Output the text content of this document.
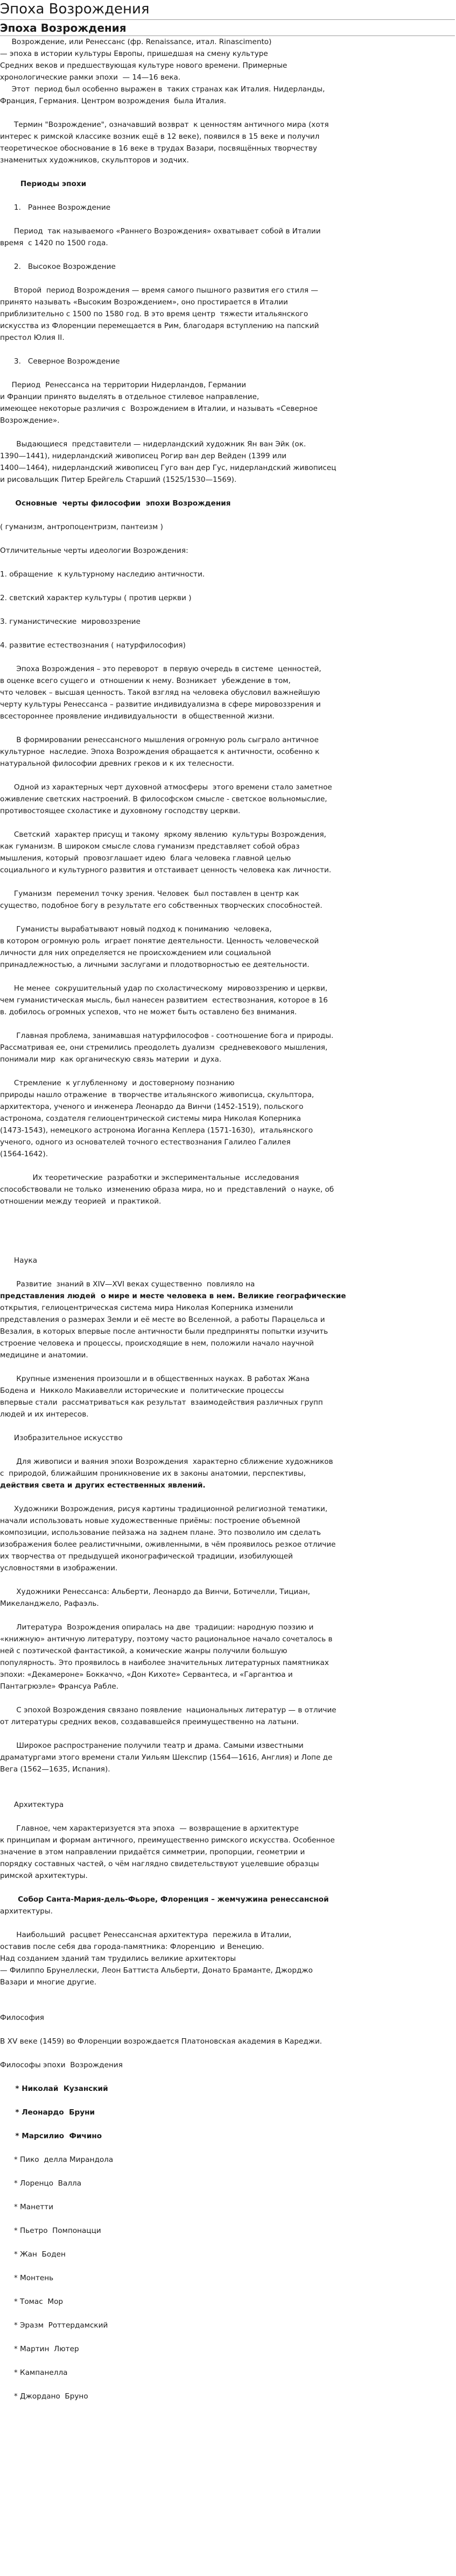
Эпоха Возрождения
Эпоха Возрождения
Возрождение, или Ренессанс (фр. Renaissance, итал. Rinascimento)
— эпоха в истории культуры Европы, пришедшая на смену культуре
Средних веков и предшествующая культуре нового времени. Примерные
хронологические рамки эпохи  — 14—16 века.
Этот  период был особенно выражен в  таких странах как Италия. Нидерланды,
Франция, Германия. Центром возрождения  была Италия.
Термин "Возрождение", означавший возврат  к ценностям античного мира (хотя
интерес к римской классике возник ещё в 12 веке), появился в 15 веке и получил
теоретическое обоснование в 16 веке в трудах Вазари, посвящённых творчеству
знаменитых художников, скульпторов и зодчих.
Периоды эпохи
1.   Раннее Возрождение
Период  так называемого «Раннего Возрождения» охватывает собой в Италии
время  с 1420 по 1500 года.
2.   Высокое Возрождение
Второй  период Возрождения — время самого пышного развития его стиля —
принято называть «Высоким Возрождением», оно простирается в Италии
приблизительно с 1500 по 1580 год. В это время центр  тяжести итальянского
искусства из Флоренции перемещается в Рим, благодаря вступлению на папский
престол Юлия II.
3.   Северное Возрождение
Период  Ренессанса на территории Нидерландов, Германии
и Франции принято выделять в отдельное стилевое направление,
имеющее некоторые различия с  Возрождением в Италии, и называть «Северное
Возрождение».
Выдающиеся  представители — нидерландский художник Ян ван Эйк (ок.
1390—1441), нидерландский живописец Рогир ван дер Вейден (1399 или
1400—1464), нидерландский живописец Гуго ван дер Гус, нидерландский живописец
и рисовальщик Питер Брейгель Старший (1525/1530—1569).
Основные  черты философии  эпохи Возрождения
( гуманизм, антропоцентризм, пантеизм )
Отличительные черты идеологии Возрождения:
1. обращение  к культурному наследию античности.
2. светский характер культуры ( против церкви )
3. гуманистические  мировоззрение
4. развитие естествознания ( натурфилософия)
Эпоха Возрождения – это переворот  в первую очередь в системе  ценностей,
в оценке всего сущего и  отношении к нему. Возникает  убеждение в том,
что человек – высшая ценность. Такой взгляд на человека обусловил важнейшую
черту культуры Ренессанса – развитие индивидуализма в сфере мировоззрения и
всестороннее проявление индивидуальности  в общественной жизни.
В формировании ренессансного мышления огромную роль сыграло античное
культурное  наследие. Эпоха Возрождения обращается к античности, особенно к
натуральной философии древних греков и к их телесности.
Одной из характерных черт духовной атмосферы  этого времени стало заметное
оживление светских настроений. В философском смысле - светское вольномыслие,
противостоящее схоластике и духовному господству церкви.
Светский  характер присущ и такому  яркому явлению  культуры Возрождения,
как гуманизм. В широком смысле слова гуманизм представляет собой образ
мышления, который  провозглашает идею  блага человека главной целью
социального и культурного развития и отстаивает ценность человека как личности.
Гуманизм  переменил точку зрения. Человек  был поставлен в центр как
существо, подобное богу в результате его собственных творческих способностей.
Гуманисты вырабатывают новый подход к пониманию  человека,
в котором огромную роль  играет понятие деятельности. Ценность человеческой
личности для них определяется не происхождением или социальной
принадлежностью, а личными заслугами и плодотворностью ее деятельности.
Не менее  сокрушительный удар по схоластическому  мировоззрению и церкви,
чем гуманистическая мысль, был нанесен развитием  естествознания, которое в 16
в. добилось огромных успехов, что не может быть оставлено без внимания.
Главная проблема, занимавшая натурфилософов - соотношение бога и природы.
Рассматривая ее, они стремились преодолеть дуализм  средневекового мышления,
понимали мир  как органическую связь материи  и духа.
Стремление  к углубленному  и достоверному познанию
природы нашло отражение  в творчестве итальянского живописца, скульптора,
архитектора, ученого и инженера Леонардо да Винчи (1452-1519), польского
астронома, создателя гелиоцентрической системы мира Николая Коперника
(1473-1543), немецкого астронома Иоганна Кеплера (1571-1630),  итальянского
ученого, одного из основателей точного естествознания Галилео Галилея
(1564-1642).
Их теоретические  разработки и экспериментальные  исследования
способствовали не только  изменению образа мира, но и  представлений  о науке, об
отношении между теорией  и практикой.
Наука
Развитие  знаний в XIV—XVI веках существенно  повлияло на
представления людей  о мире и месте человека в нем. Великие географические
открытия, гелиоцентрическая система мира Николая Коперника изменили
представления о размерах Земли и её месте во Вселенной, а работы Парацельса и
Везалия, в которых впервые после античности были предприняты попытки изучить
строение человека и процессы, происходящие в нем, положили начало научной
медицине и анатомии.
Крупные изменения произошли и в общественных науках. В работах Жана
Бодена и  Никколо Макиавелли исторические и  политические процессы
впервые стали  рассматриваться как результат  взаимодействия различных групп
людей и их интересов.
Изобразительное искусство
Для живописи и ваяния эпохи Возрождения  характерно сближение художников
с  природой, ближайшим проникновение их в законы анатомии, перспективы,
действия света и других естественных явлений.
Художники Возрождения, рисуя картины традиционной религиозной тематики,
начали использовать новые художественные приёмы: построение объемной
композиции, использование пейзажа на заднем плане. Это позволило им сделать
изображения более реалистичными, оживленными, в чём проявилось резкое отличие
их творчества от предыдущей иконографической традиции, изобилующей
условностями в изображении.
Художники Ренессанса: Альберти, Леонардо да Винчи, Ботичелли, Тициан,
Микеланджело, Рафаэль.
Литература  Возрождения опиралась на две  традиции: народную поэзию и
«книжную» античную литературу, поэтому часто рациональное начало сочеталось в
ней с поэтической фантастикой, а комические жанры получили большую
популярность. Это проявилось в наиболее значительных литературных памятниках
эпохи: «Декамероне» Боккаччо, «Дон Кихоте» Сервантеса, и «Гаргантюа и
Пантагрюэле» Франсуа Рабле.
С эпохой Возрождения связано появление  национальных литератур — в отличие
от литературы средних веков, создававшейся преимущественно на латыни.
Широкое распространение получили театр и драма. Самыми известными
драматургами этого времени стали Уильям Шекспир (1564—1616, Англия) и Лопе де
Вега (1562—1635, Испания).
Архитектура
Главное, чем характеризуется эта эпоха  — возвращение в архитектуре
к принципам и формам античного, преимущественно римского искусства. Особенное
значение в этом направлении придаётся симметрии, пропорции, геометрии и
порядку составных частей, о чём наглядно свидетельствуют уцелевшие образцы
римской архитектуры.
Собор Санта-Мария-дель-Фьоре, Флоренция – жемчужина ренессансной
архитектуры.
Наибольший  расцвет Ренессансная архитектура  пережила в Италии,
оставив после себя два города-памятника: Флоренцию  и Венецию.
Над созданием зданий там трудились великие архитекторы
— Филиппо Брунеллески, Леон Баттиста Альберти, Донато Браманте, Джорджо
Вазари и многие другие.
Философия
В XV веке (1459) во Флоренции возрождается Платоновская академия в Кареджи.
Философы эпохи  Возрождения
* Николай  Кузанский
* Леонардо  Бруни
* Марсилио  Фичино
* Пико  делла Мирандола
* Лоренцо  Валла
* Манетти
* Пьетро  Помпонацци
* Жан  Боден
* Монтень
* Томас  Мор
* Эразм  Роттердамский
* Мартин  Лютер
* Кампанелла
* Джордано  Бруно
